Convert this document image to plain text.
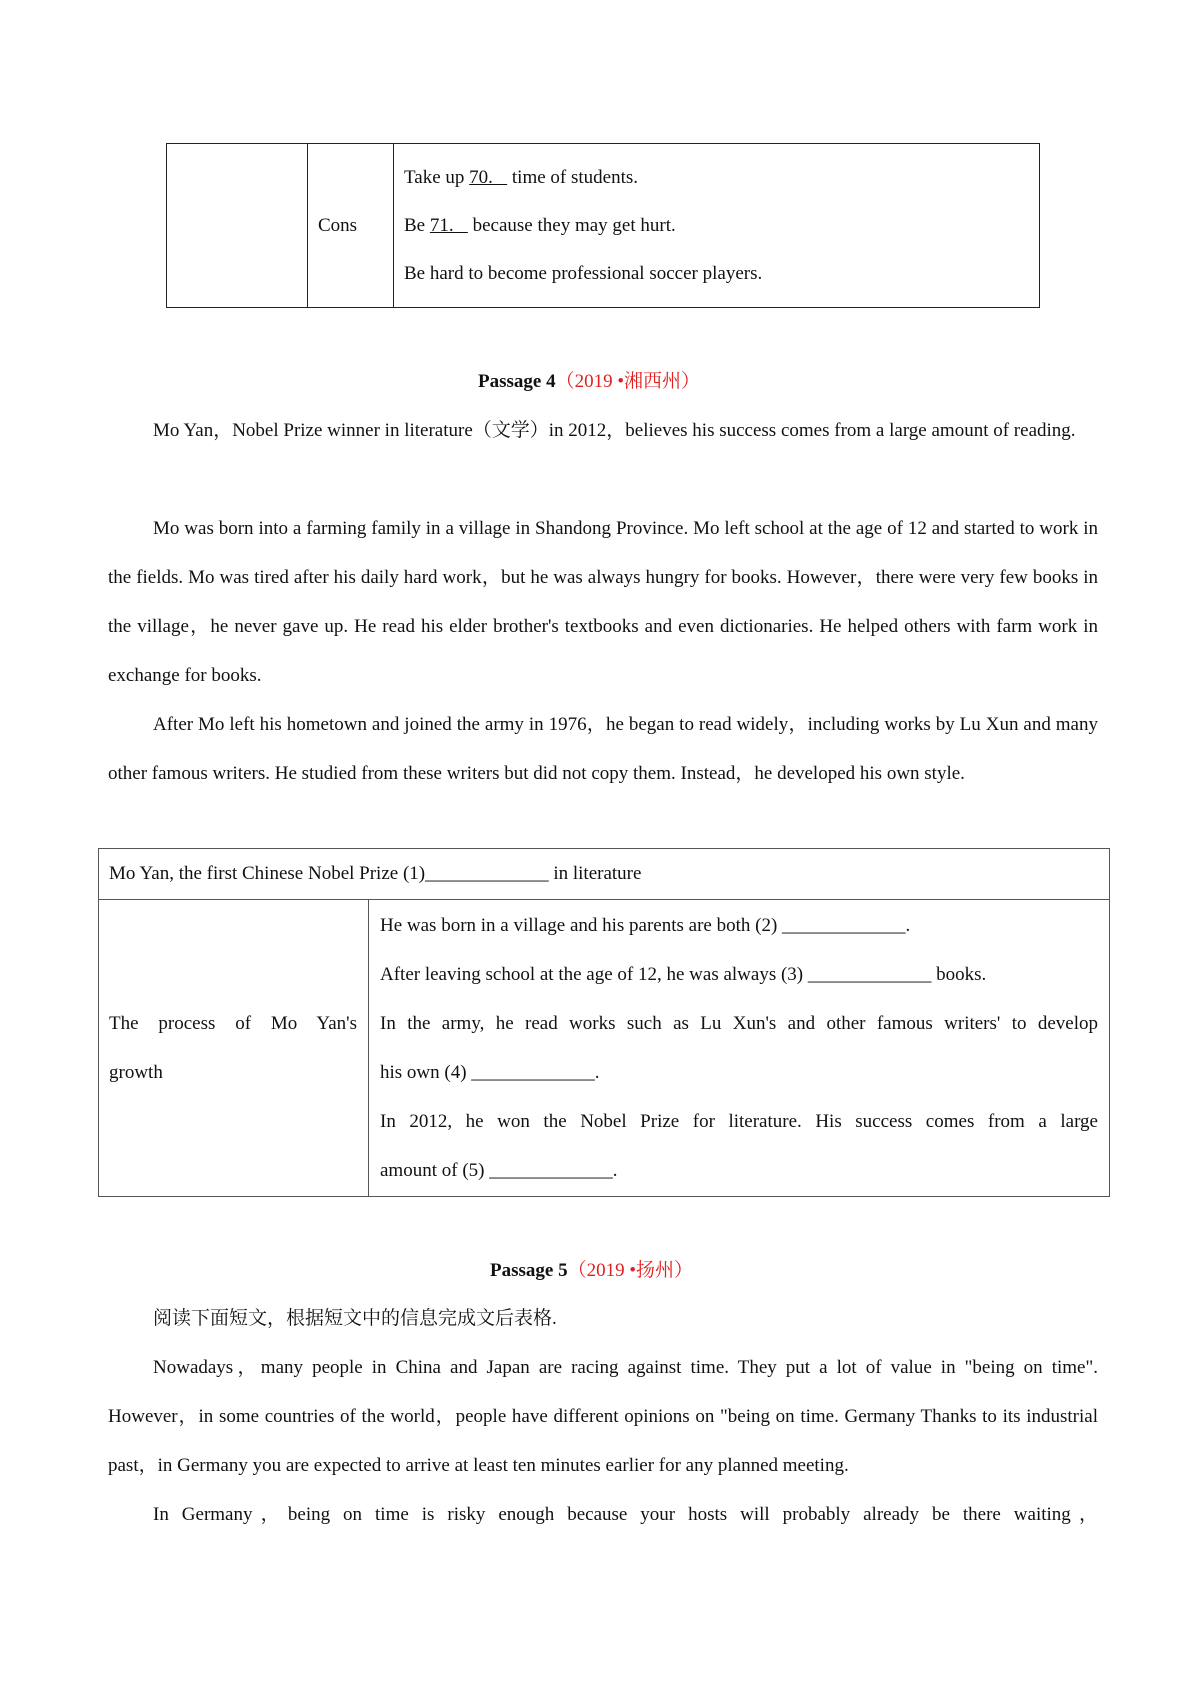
Cons
Take up 70.    time of students.
Be 71.    because they may get hurt.
Be hard to become professional soccer players.
Passage 4（2019 •湘西州）
Mo Yan，Nobel Prize winner in literature（文学）in 2012，believes his success comes from a large amount of reading.
Mo was born into a farming family in a village in Shandong Province. Mo left school at the age of 12 and started to work in the fields. Mo was tired after his daily hard work，but he was always hungry for books. However，there were very few books in the village，he never gave up. He read his elder brother's textbooks and even dictionaries. He helped others with farm work in exchange for books.
After Mo left his hometown and joined the army in 1976，he began to read widely，including works by Lu Xun and many other famous writers. He studied from these writers but did not copy them. Instead，he developed his own style.
Mo Yan, the first Chinese Nobel Prize (1)_____________ in literature
The process of Mo Yan's
growth
He was born in a village and his parents are both (2) _____________.
After leaving school at the age of 12, he was always (3) _____________ books.
In the army, he read works such as Lu Xun's and other famous writers' to develop
his own (4) _____________.
In 2012, he won the Nobel Prize for literature. His success comes from a large
amount of (5) _____________.
Passage 5（2019 •扬州）
阅读下面短文，根据短文中的信息完成文后表格.
Nowadays，many people in China and Japan are racing against time. They put a lot of value in "being on time". However，in some countries of the world，people have different opinions on "being on time. Germany Thanks to its industrial past，in Germany you are expected to arrive at least ten minutes earlier for any planned meeting.
In Germany，being on time is risky enough because your hosts will probably already be there waiting，
